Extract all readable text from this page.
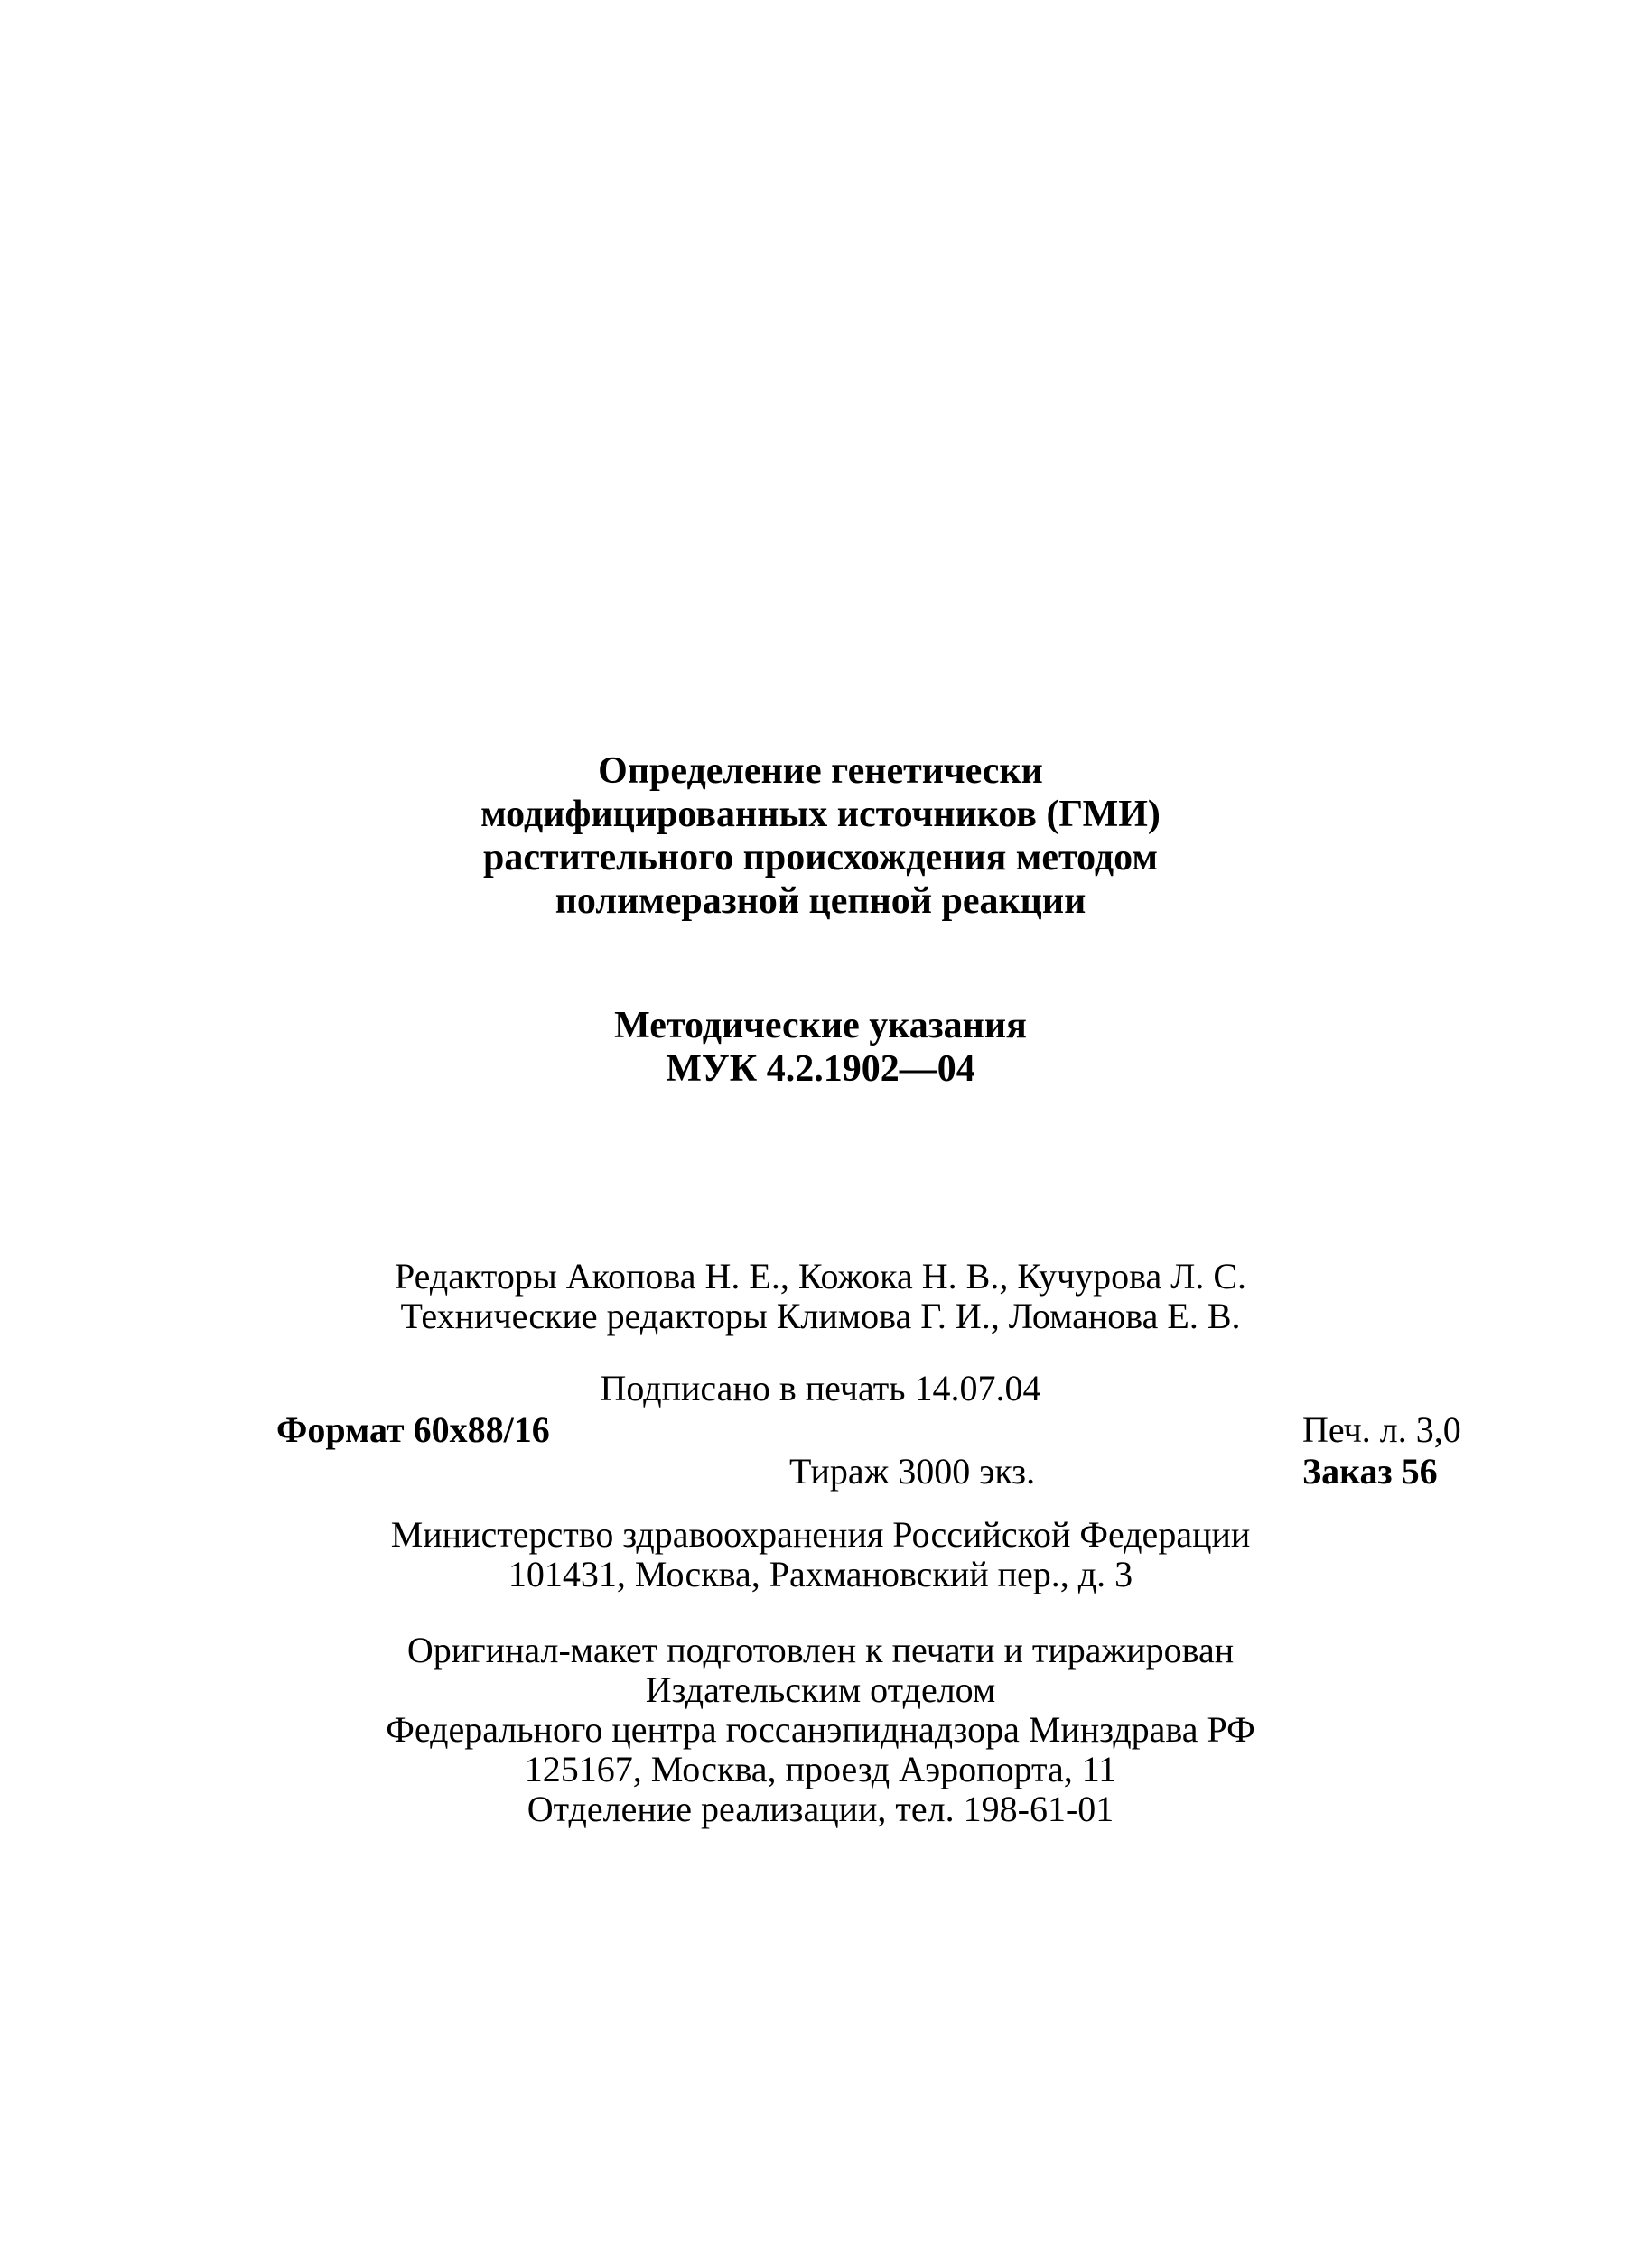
Определение генетически
модифицированных источников (ГМИ)
растительного происхождения методом
полимеразной цепной реакции
Методические указания
МУК 4.2.1902—04
Редакторы Акопова Н. Е., Кожока Н. В., Кучурова Л. С.
Технические редакторы Климова Г. И., Ломанова Е. В.
Подписано в печать 14.07.04
Формат 60x88/16	Печ. л. 3,0
Тираж 3000 экз.	Заказ 56
Министерство здравоохранения Российской Федерации
101431, Москва, Рахмановский пер., д. 3
Оригинал-макет подготовлен к печати и тиражирован
Издательским отделом
Федерального центра госсанэпиднадзора Минздрава РФ
125167, Москва, проезд Аэропорта, 11
Отделение реализации, тел. 198-61-01
